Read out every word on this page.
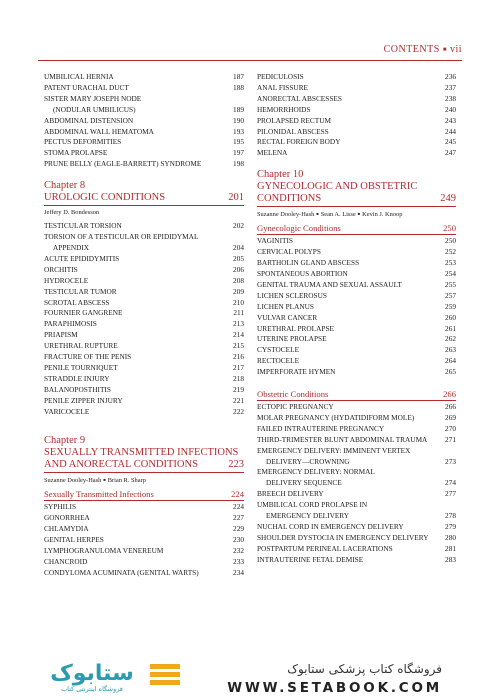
CONTENTS ■ vii
UMBILICAL HERNIA	187
PATENT URACHAL DUCT	188
SISTER MARY JOSEPH NODE
(NODULAR UMBILICUS)	189
ABDOMINAL DISTENSION	190
ABDOMINAL WALL HEMATOMA	193
PECTUS DEFORMITIES	195
STOMA PROLAPSE	197
PRUNE BELLY (EAGLE-BARRETT) SYNDROME	198
Chapter 8
UROLOGIC CONDITIONS	201
Jeffery D. Bondesson
TESTICULAR TORSION	202
TORSION OF A TESTICULAR OR EPIDIDYMAL
APPENDIX	204
ACUTE EPIDIDYMITIS	205
ORCHITIS	206
HYDROCELE	208
TESTICULAR TUMOR	209
SCROTAL ABSCESS	210
FOURNIER GANGRENE	211
PARAPHIMOSIS	213
PRIAPISM	214
URETHRAL RUPTURE	215
FRACTURE OF THE PENIS	216
PENILE TOURNIQUET	217
STRADDLE INJURY	218
BALANOPOSTHITIS	219
PENILE ZIPPER INJURY	221
VARICOCELE	222
Chapter 9
SEXUALLY TRANSMITTED INFECTIONS
AND ANORECTAL CONDITIONS	223
Suzanne Dooley-Hash ■ Brian R. Sharp
Sexually Transmitted Infections	224
SYPHILIS	224
GONORRHEA	227
CHLAMYDIA	229
GENITAL HERPES	230
LYMPHOGRANULOMA VENEREUM	232
CHANCROID	233
CONDYLOMA ACUMINATA (GENITAL WARTS)	234
PEDICULOSIS	236
ANAL FISSURE	237
ANORECTAL ABSCESSES	238
HEMORRHOIDS	240
PROLAPSED RECTUM	243
PILONIDAL ABSCESS	244
RECTAL FOREIGN BODY	245
MELENA	247
Chapter 10
GYNECOLOGIC AND OBSTETRIC
CONDITIONS	249
Suzanne Dooley-Hash ■ Sean A. Lisse ■ Kevin J. Knoop
Gynecologic Conditions	250
VAGINITIS	250
CERVICAL POLYPS	252
BARTHOLIN GLAND ABSCESS	253
SPONTANEOUS ABORTION	254
GENITAL TRAUMA AND SEXUAL ASSAULT	255
LICHEN SCLEROSUS	257
LICHEN PLANUS	259
VULVAR CANCER	260
URETHRAL PROLAPSE	261
UTERINE PROLAPSE	262
CYSTOCELE	263
RECTOCELE	264
IMPERFORATE HYMEN	265
Obstetric Conditions	266
ECTOPIC PREGNANCY	266
MOLAR PREGNANCY (HYDATIDIFORM MOLE)	269
FAILED INTRAUTERINE PREGNANCY	270
THIRD-TRIMESTER BLUNT ABDOMINAL TRAUMA	271
EMERGENCY DELIVERY: IMMINENT VERTEX
DELIVERY—CROWNING	273
EMERGENCY DELIVERY: NORMAL
DELIVERY SEQUENCE	274
BREECH DELIVERY	277
UMBILICAL CORD PROLAPSE IN
EMERGENCY DELIVERY	278
NUCHAL CORD IN EMERGENCY DELIVERY	279
SHOULDER DYSTOCIA IN EMERGENCY DELIVERY	280
POSTPARTUM PERINEAL LACERATIONS	281
INTRAUTERINE FETAL DEMISE	283
ستابوک
فروشگاه اینترنتی کتاب
فروشگاه کتاب پزشکی ستابوک
WWW.SETABOOK.COM
